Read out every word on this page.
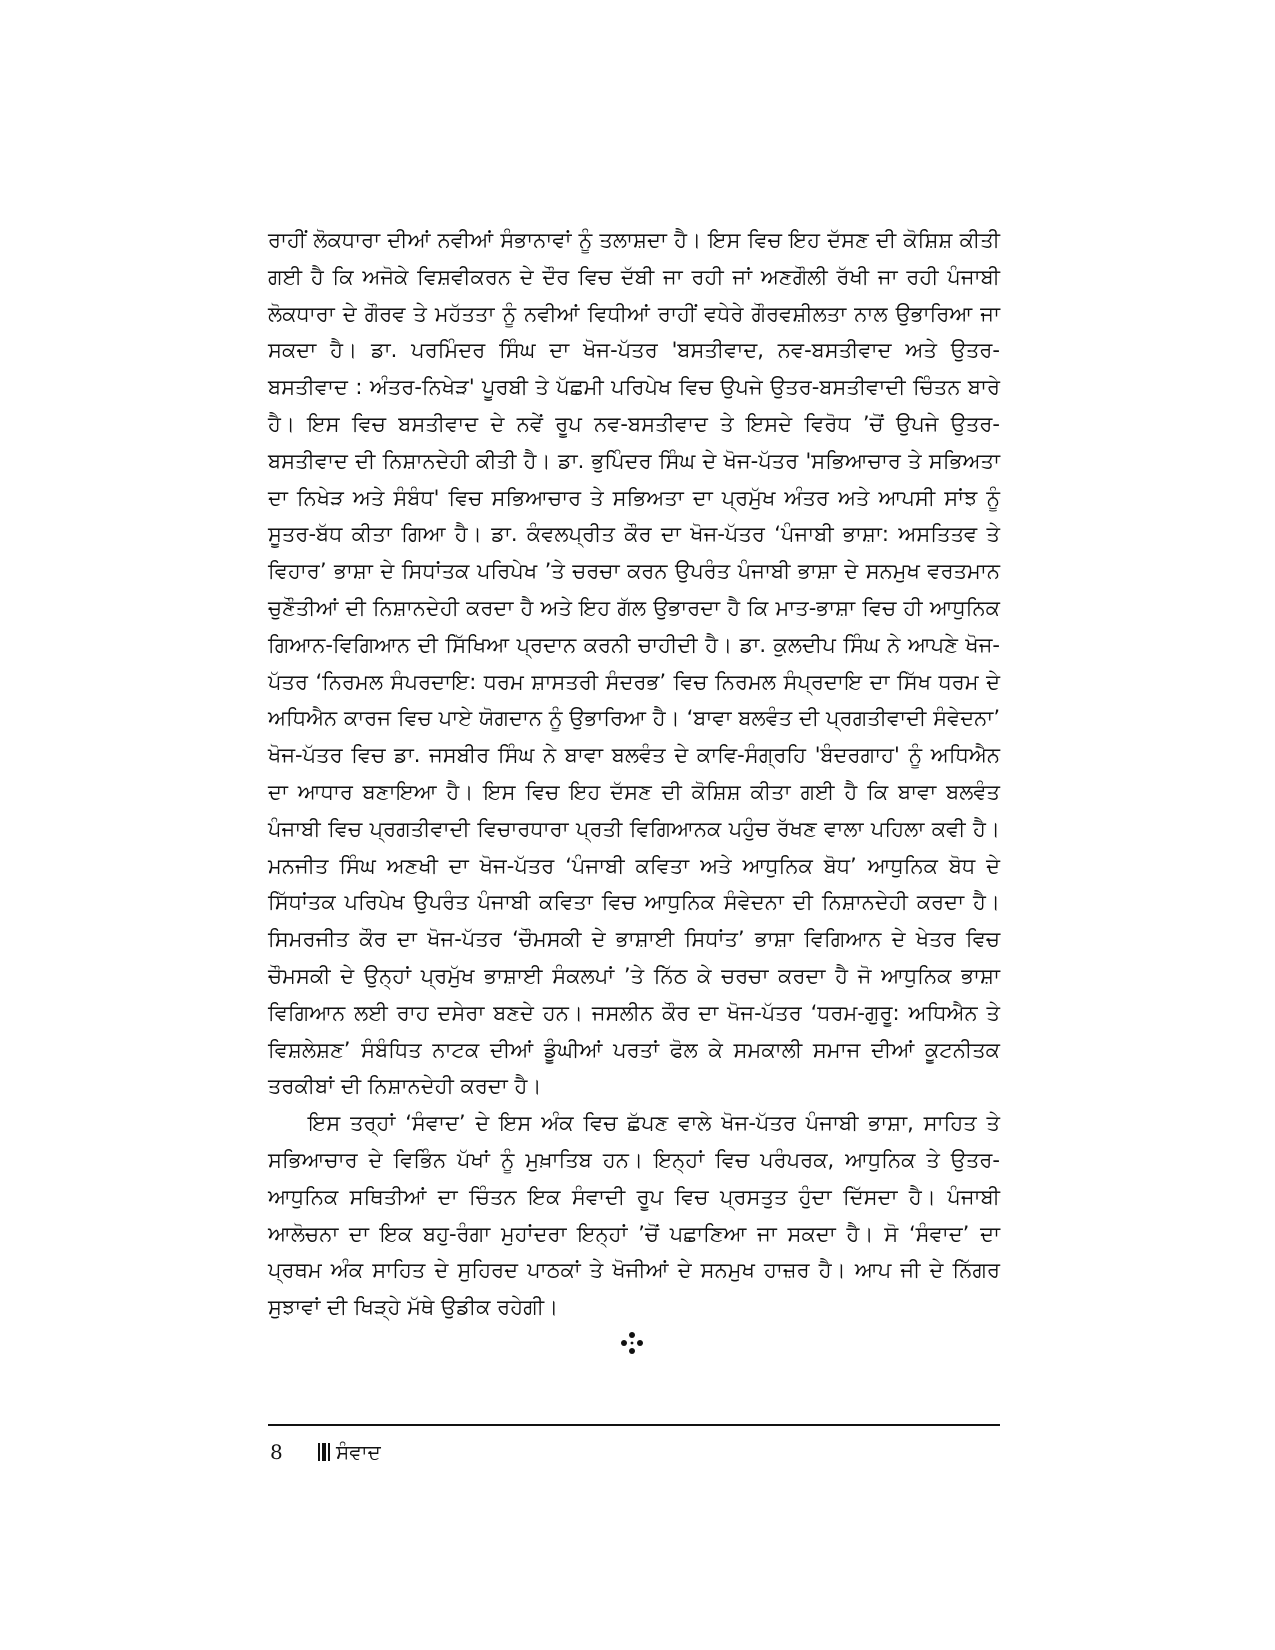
ਰਾਹੀਂ ਲੋਕਧਾਰਾ ਦੀਆਂ ਨਵੀਆਂ ਸੰਭਾਨਾਵਾਂ ਨੂੰ ਤਲਾਸ਼ਦਾ ਹੈ। ਇਸ ਵਿਚ ਇਹ ਦੱਸਣ ਦੀ ਕੋਸ਼ਿਸ਼ ਕੀਤੀ ਗਈ ਹੈ ਕਿ ਅਜੋਕੇ ਵਿਸ਼ਵੀਕਰਨ ਦੇ ਦੌਰ ਵਿਚ ਦੱਬੀ ਜਾ ਰਹੀ ਜਾਂ ਅਣਗੌਲੀ ਰੱਖੀ ਜਾ ਰਹੀ ਪੰਜਾਬੀ ਲੋਕਧਾਰਾ ਦੇ ਗੌਰਵ ਤੇ ਮਹੱਤਤਾ ਨੂੰ ਨਵੀਆਂ ਵਿਧੀਆਂ ਰਾਹੀਂ ਵਧੇਰੇ ਗੌਰਵਸ਼ੀਲਤਾ ਨਾਲ ਉਭਾਰਿਆ ਜਾ ਸਕਦਾ ਹੈ। ਡਾ. ਪਰਮਿੰਦਰ ਸਿੰਘ ਦਾ ਖੋਜ-ਪੱਤਰ 'ਬਸਤੀਵਾਦ, ਨਵ-ਬਸਤੀਵਾਦ ਅਤੇ ਉਤਰ-ਬਸਤੀਵਾਦ : ਅੰਤਰ-ਨਿਖੇੜ' ਪੂਰਬੀ ਤੇ ਪੱਛਮੀ ਪਰਿਪੇਖ ਵਿਚ ਉਪਜੇ ਉਤਰ-ਬਸਤੀਵਾਦੀ ਚਿੰਤਨ ਬਾਰੇ ਹੈ। ਇਸ ਵਿਚ ਬਸਤੀਵਾਦ ਦੇ ਨਵੇਂ ਰੂਪ ਨਵ-ਬਸਤੀਵਾਦ ਤੇ ਇਸਦੇ ਵਿਰੋਧ ’ਚੋਂ ਉਪਜੇ ਉਤਰ-ਬਸਤੀਵਾਦ ਦੀ ਨਿਸ਼ਾਨਦੇਹੀ ਕੀਤੀ ਹੈ। ਡਾ. ਭੁਪਿੰਦਰ ਸਿੰਘ ਦੇ ਖੋਜ-ਪੱਤਰ 'ਸਭਿਆਚਾਰ ਤੇ ਸਭਿਅਤਾ ਦਾ ਨਿਖੇੜ ਅਤੇ ਸੰਬੰਧ' ਵਿਚ ਸਭਿਆਚਾਰ ਤੇ ਸਭਿਅਤਾ ਦਾ ਪ੍ਰਮੁੱਖ ਅੰਤਰ ਅਤੇ ਆਪਸੀ ਸਾਂਝ ਨੂੰ ਸੂਤਰ-ਬੱਧ ਕੀਤਾ ਗਿਆ ਹੈ। ਡਾ. ਕੰਵਲਪ੍ਰੀਤ ਕੌਰ ਦਾ ਖੋਜ-ਪੱਤਰ ‘ਪੰਜਾਬੀ ਭਾਸ਼ਾ: ਅਸਤਿਤਵ ਤੇ ਵਿਹਾਰ’ ਭਾਸ਼ਾ ਦੇ ਸਿਧਾਂਤਕ ਪਰਿਪੇਖ ’ਤੇ ਚਰਚਾ ਕਰਨ ਉਪਰੰਤ ਪੰਜਾਬੀ ਭਾਸ਼ਾ ਦੇ ਸਨਮੁਖ ਵਰਤਮਾਨ ਚੁਣੌਤੀਆਂ ਦੀ ਨਿਸ਼ਾਨਦੇਹੀ ਕਰਦਾ ਹੈ ਅਤੇ ਇਹ ਗੱਲ ਉਭਾਰਦਾ ਹੈ ਕਿ ਮਾਤ-ਭਾਸ਼ਾ ਵਿਚ ਹੀ ਆਧੁਨਿਕ ਗਿਆਨ-ਵਿਗਿਆਨ ਦੀ ਸਿੱਖਿਆ ਪ੍ਰਦਾਨ ਕਰਨੀ ਚਾਹੀਦੀ ਹੈ। ਡਾ. ਕੁਲਦੀਪ ਸਿੰਘ ਨੇ ਆਪਣੇ ਖੋਜ-ਪੱਤਰ ‘ਨਿਰਮਲ ਸੰਪਰਦਾਇ: ਧਰਮ ਸ਼ਾਸਤਰੀ ਸੰਦਰਭ’ ਵਿਚ ਨਿਰਮਲ ਸੰਪ੍ਰਦਾਇ ਦਾ ਸਿੱਖ ਧਰਮ ਦੇ ਅਧਿਐਨ ਕਾਰਜ ਵਿਚ ਪਾਏ ਯੋਗਦਾਨ ਨੂੰ ਉਭਾਰਿਆ ਹੈ। ‘ਬਾਵਾ ਬਲਵੰਤ ਦੀ ਪ੍ਰਗਤੀਵਾਦੀ ਸੰਵੇਦਨਾ’ ਖੋਜ-ਪੱਤਰ ਵਿਚ ਡਾ. ਜਸਬੀਰ ਸਿੰਘ ਨੇ ਬਾਵਾ ਬਲਵੰਤ ਦੇ ਕਾਵਿ-ਸੰਗ੍ਰਹਿ 'ਬੰਦਰਗਾਹ' ਨੂੰ ਅਧਿਐਨ ਦਾ ਆਧਾਰ ਬਣਾਇਆ ਹੈ। ਇਸ ਵਿਚ ਇਹ ਦੱਸਣ ਦੀ ਕੋਸ਼ਿਸ਼ ਕੀਤਾ ਗਈ ਹੈ ਕਿ ਬਾਵਾ ਬਲਵੰਤ ਪੰਜਾਬੀ ਵਿਚ ਪ੍ਰਗਤੀਵਾਦੀ ਵਿਚਾਰਧਾਰਾ ਪ੍ਰਤੀ ਵਿਗਿਆਨਕ ਪਹੁੰਚ ਰੱਖਣ ਵਾਲਾ ਪਹਿਲਾ ਕਵੀ ਹੈ। ਮਨਜੀਤ ਸਿੰਘ ਅਣਖੀ ਦਾ ਖੋਜ-ਪੱਤਰ ‘ਪੰਜਾਬੀ ਕਵਿਤਾ ਅਤੇ ਆਧੁਨਿਕ ਬੋਧ’ ਆਧੁਨਿਕ ਬੋਧ ਦੇ ਸਿੱਧਾਂਤਕ ਪਰਿਪੇਖ ਉਪਰੰਤ ਪੰਜਾਬੀ ਕਵਿਤਾ ਵਿਚ ਆਧੁਨਿਕ ਸੰਵੇਦਨਾ ਦੀ ਨਿਸ਼ਾਨਦੇਹੀ ਕਰਦਾ ਹੈ। ਸਿਮਰਜੀਤ ਕੌਰ ਦਾ ਖੋਜ-ਪੱਤਰ ‘ਚੌਮਸਕੀ ਦੇ ਭਾਸ਼ਾਈ ਸਿਧਾਂਤ’ ਭਾਸ਼ਾ ਵਿਗਿਆਨ ਦੇ ਖੇਤਰ ਵਿਚ ਚੌਮਸਕੀ ਦੇ ਉਨ੍ਹਾਂ ਪ੍ਰਮੁੱਖ ਭਾਸ਼ਾਈ ਸੰਕਲਪਾਂ ’ਤੇ ਨਿੱਠ ਕੇ ਚਰਚਾ ਕਰਦਾ ਹੈ ਜੋ ਆਧੁਨਿਕ ਭਾਸ਼ਾ ਵਿਗਿਆਨ ਲਈ ਰਾਹ ਦਸੇਰਾ ਬਣਦੇ ਹਨ। ਜਸਲੀਨ ਕੌਰ ਦਾ ਖੋਜ-ਪੱਤਰ ‘ਧਰਮ-ਗੁਰੂ: ਅਧਿਐਨ ਤੇ ਵਿਸ਼ਲੇਸ਼ਣ’ ਸੰਬੰਧਿਤ ਨਾਟਕ ਦੀਆਂ ਡੂੰਘੀਆਂ ਪਰਤਾਂ ਫੋਲ ਕੇ ਸਮਕਾਲੀ ਸਮਾਜ ਦੀਆਂ ਕੂਟਨੀਤਕ ਤਰਕੀਬਾਂ ਦੀ ਨਿਸ਼ਾਨਦੇਹੀ ਕਰਦਾ ਹੈ।

ਇਸ ਤਰ੍ਹਾਂ ‘ਸੰਵਾਦ’ ਦੇ ਇਸ ਅੰਕ ਵਿਚ ਛੱਪਣ ਵਾਲੇ ਖੋਜ-ਪੱਤਰ ਪੰਜਾਬੀ ਭਾਸ਼ਾ, ਸਾਹਿਤ ਤੇ ਸਭਿਆਚਾਰ ਦੇ ਵਿਭਿੰਨ ਪੱਖਾਂ ਨੂੰ ਮੁਖ਼ਾਤਿਬ ਹਨ। ਇਨ੍ਹਾਂ ਵਿਚ ਪਰੰਪਰਕ, ਆਧੁਨਿਕ ਤੇ ਉਤਰ-ਆਧੁਨਿਕ ਸਥਿਤੀਆਂ ਦਾ ਚਿੰਤਨ ਇਕ ਸੰਵਾਦੀ ਰੂਪ ਵਿਚ ਪ੍ਰਸਤੁਤ ਹੁੰਦਾ ਦਿੱਸਦਾ ਹੈ। ਪੰਜਾਬੀ ਆਲੋਚਨਾ ਦਾ ਇਕ ਬਹੁ-ਰੰਗਾ ਮੁਹਾਂਦਰਾ ਇਨ੍ਹਾਂ ’ਚੋਂ ਪਛਾਣਿਆ ਜਾ ਸਕਦਾ ਹੈ। ਸੋ ‘ਸੰਵਾਦ’ ਦਾ ਪ੍ਰਥਮ ਅੰਕ ਸਾਹਿਤ ਦੇ ਸੁਹਿਰਦ ਪਾਠਕਾਂ ਤੇ ਖੋਜੀਆਂ ਦੇ ਸਨਮੁਖ ਹਾਜ਼ਰ ਹੈ। ਆਪ ਜੀ ਦੇ ਨਿੱਗਰ ਸੁਝਾਵਾਂ ਦੀ ਖਿੜ੍ਹੇ ਮੱਥੇ ਉਡੀਕ ਰਹੇਗੀ।

8	ਸੰਵਾਦ
